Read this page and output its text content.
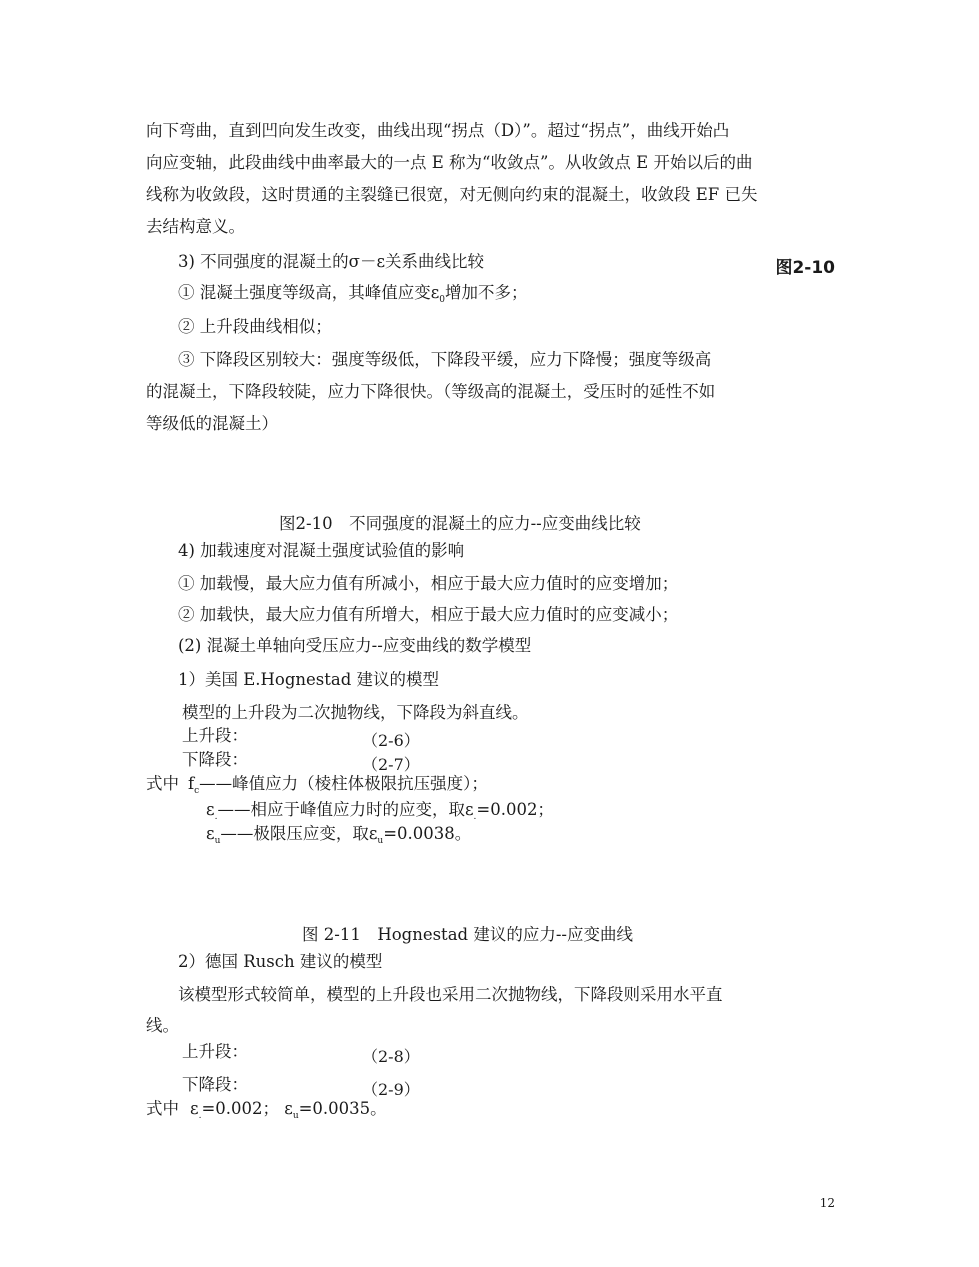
向下弯曲，直到凹向发生改变，曲线出现“拐点（D）”。超过“拐点”，曲线开始凸
向应变轴，此段曲线中曲率最大的一点 E 称为“收敛点”。从收敛点 E 开始以后的曲
线称为收敛段，这时贯通的主裂缝已很宽，对无侧向约束的混凝土，收敛段 EF 已失
去结构意义。
3) 不同强度的混凝土的σ－ε关系曲线比较	图2-10
① 混凝土强度等级高，其峰值应变$\varepsilon_0$增加不多；
② 上升段曲线相似；
③ 下降段区别较大：强度等级低，下降段平缓，应力下降慢；强度等级高
的混凝土，下降段较陡，应力下降很快。（等级高的混凝土，受压时的延性不如
等级低的混凝土）
图2-10　不同强度的混凝土的应力--应变曲线比较
4) 加载速度对混凝土强度试验值的影响
① 加载慢，最大应力值有所减小，相应于最大应力值时的应变增加；
② 加载快，最大应力值有所增大，相应于最大应力值时的应变减小；
(2) 混凝土单轴向受压应力--应变曲线的数学模型
1）美国 E.Hognestad 建议的模型
模型的上升段为二次抛物线，下降段为斜直线。
上升段：	（2-6）
下降段：	（2-7）
式中 $f_c——$峰值应力（棱柱体极限抗压强度）；
$\varepsilon_.——$相应于峰值应力时的应变，取$\varepsilon_.=0.002$；
$\varepsilon_u——$极限压应变，取$\varepsilon_u=0.0038$。
图 2-11　Hognestad 建议的应力--应变曲线
2）德国 Rusch 建议的模型
该模型形式较简单，模型的上升段也采用二次抛物线，下降段则采用水平直
线。
上升段：	（2-8）
下降段：	（2-9）
式中 $\varepsilon_.=0.002$； $\varepsilon_u=0.0035$。
12
